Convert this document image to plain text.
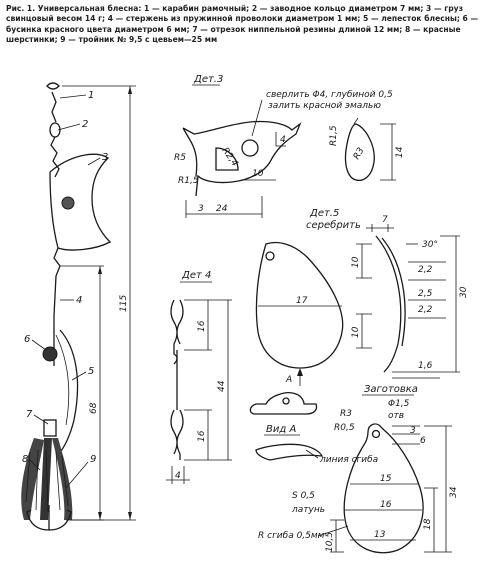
Рис. 1. Универсальная блесна: 1 — карабин рамочный; 2 — заводное кольцо диаметром 7 мм; 3 — груз свинцовый весом 14 г; 4 — стержень из пружинной проволоки диаметром 1 мм; 5 — лепесток блесны; 6 — бусинка красного цвета диаметром 6 мм; 7 — отрезок ниппельной резины длиной 12 мм; 8 — красные шерстинки; 9 — тройник № 9,5 с цевьем—25 мм
1
2
3
4
5
6
7
8	9
115
68
Дет.3
сверлить Φ4, глубиной 0,5
залить красной эмалью
24
3
10
4
R5
R1,5
R2,4
R1,5
R3	14
Дет 4
16
16
44
4
Дет.5
серебрить
17
7
30°
2,2
2,5
2,2
10
10
30
1,6
A
Вид А
линия сгиба
Заготовка
Φ1,5
отв
R3
R0,5	3
6
15
16
13
34
18
10,5
S 0,5
латунь
R сгиба 0,5мм
